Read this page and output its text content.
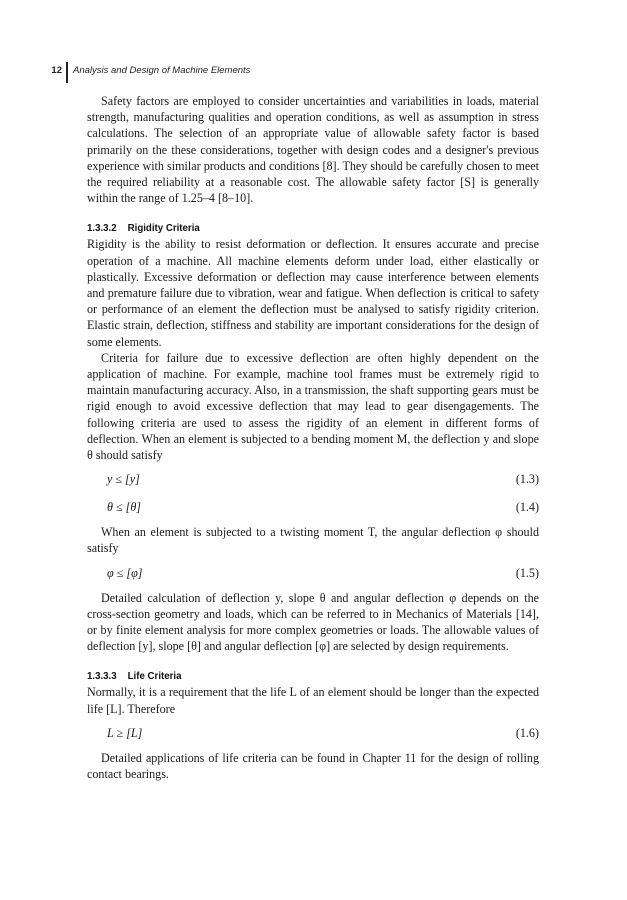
12 Analysis and Design of Machine Elements

Safety factors are employed to consider uncertainties and variabilities in loads, material strength, manufacturing qualities and operation conditions, as well as assumption in stress calculations. The selection of an appropriate value of allowable safety factor is based primarily on the these considerations, together with design codes and a designer's previous experience with similar products and conditions [8]. They should be carefully chosen to meet the required reliability at a reasonable cost. The allowable safety factor [S] is generally within the range of 1.25–4 [8–10].

1.3.3.2 Rigidity Criteria

Rigidity is the ability to resist deformation or deflection. It ensures accurate and precise operation of a machine. All machine elements deform under load, either elastically or plastically. Excessive deformation or deflection may cause interference between elements and premature failure due to vibration, wear and fatigue. When deflection is critical to safety or performance of an element the deflection must be analysed to satisfy rigidity criterion. Elastic strain, deflection, stiffness and stability are important considerations for the design of some elements.

Criteria for failure due to excessive deflection are often highly dependent on the application of machine. For example, machine tool frames must be extremely rigid to maintain manufacturing accuracy. Also, in a transmission, the shaft supporting gears must be rigid enough to avoid excessive deflection that may lead to gear disengagements. The following criteria are used to assess the rigidity of an element in different forms of deflection. When an element is subjected to a bending moment M, the deflection y and slope θ should satisfy

y ≤ [y]	(1.3)
θ ≤ [θ]	(1.4)

When an element is subjected to a twisting moment T, the angular deflection φ should satisfy

φ ≤ [φ]	(1.5)

Detailed calculation of deflection y, slope θ and angular deflection φ depends on the cross-section geometry and loads, which can be referred to in Mechanics of Materials [14], or by finite element analysis for more complex geometries or loads. The allowable values of deflection [y], slope [θ] and angular deflection [φ] are selected by design requirements.

1.3.3.3 Life Criteria

Normally, it is a requirement that the life L of an element should be longer than the expected life [L]. Therefore

L ≥ [L]	(1.6)

Detailed applications of life criteria can be found in Chapter 11 for the design of rolling contact bearings.
